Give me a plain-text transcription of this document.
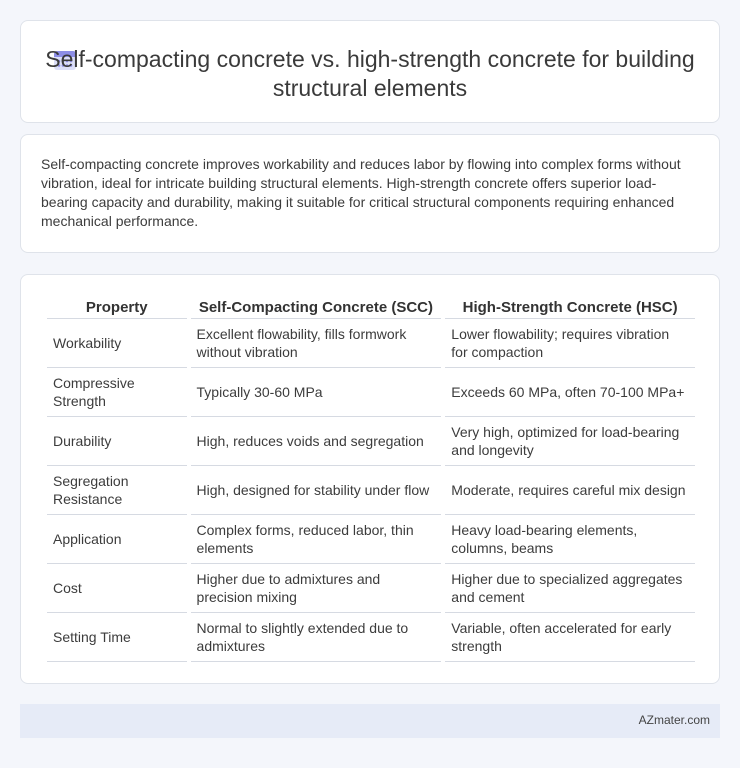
Self-compacting concrete vs. high-strength concrete for building structural elements

Self-compacting concrete improves workability and reduces labor by flowing into complex forms without vibration, ideal for intricate building structural elements. High-strength concrete offers superior load-bearing capacity and durability, making it suitable for critical structural components requiring enhanced mechanical performance.

Property	Self-Compacting Concrete (SCC)	High-Strength Concrete (HSC)
Workability	Excellent flowability, fills formwork without vibration	Lower flowability; requires vibration for compaction
Compressive Strength	Typically 30-60 MPa	Exceeds 60 MPa, often 70-100 MPa+
Durability	High, reduces voids and segregation	Very high, optimized for load-bearing and longevity
Segregation Resistance	High, designed for stability under flow	Moderate, requires careful mix design
Application	Complex forms, reduced labor, thin elements	Heavy load-bearing elements, columns, beams
Cost	Higher due to admixtures and precision mixing	Higher due to specialized aggregates and cement
Setting Time	Normal to slightly extended due to admixtures	Variable, often accelerated for early strength
AZmater.com
